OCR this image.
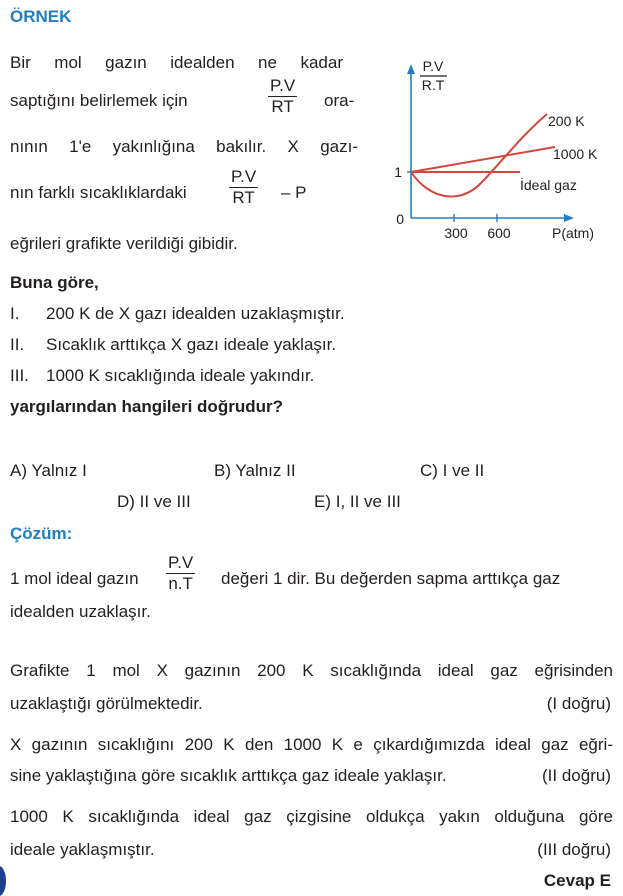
ÖRNEK
Bir mol gazın idealden ne kadar
saptığını belirlemek için	$\frac{P.V}{RT} ora-$
nının 1'e yakınlığına bakılır. X gazı-
nın farklı sıcaklıklardaki $\frac{P.V}{RT}$ – P
eğrileri grafikte verildiği gibidir.
Buna göre,
I. 200 K de X gazı idealden uzaklaşmıştır.
II. Sıcaklık arttıkça X gazı ideale yaklaşır.
III. 1000 K sıcaklığında ideale yakındır.
yargılarından hangileri doğrudur?
P.V
R.T
1
0
300 600	P(atm)
200 K
1000 K
İdeal gaz
A) Yalnız I	B) Yalnız II	C) I ve II
D) II ve III	E) I, II ve III
Çözüm:
1 mol ideal gazın $\frac{P.V}{n.T}$ değeri 1 dir. Bu değerden sapma arttıkça gaz
idealden uzaklaşır.
Grafikte 1 mol X gazının 200 K sıcaklığında ideal gaz eğrisinden
uzaklaştığı görülmektedir.	(I doğru)
X gazının sıcaklığını 200 K den 1000 K e çıkardığımızda ideal gaz eğri-
sine yaklaştığına göre sıcaklık arttıkça gaz ideale yaklaşır.	(II doğru)
1000 K sıcaklığında ideal gaz çizgisine oldukça yakın olduğuna göre
ideale yaklaşmıştır.	(III doğru)
Cevap E
